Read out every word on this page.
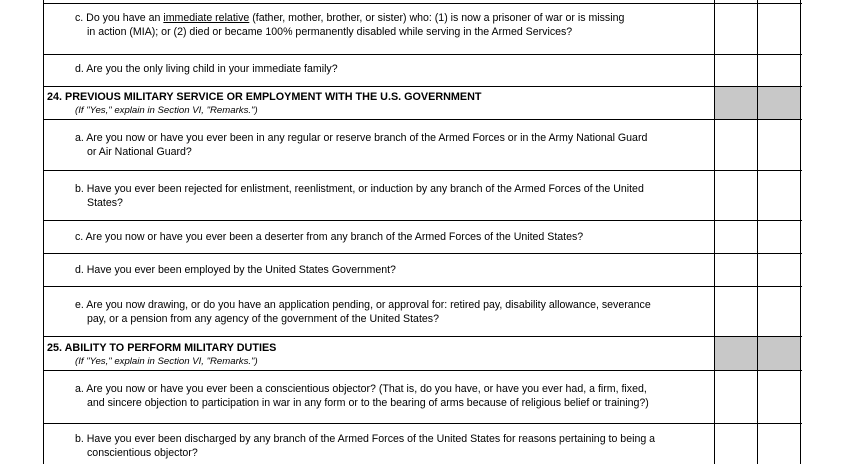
c. Do you have an immediate relative (father, mother, brother, or sister) who: (1) is now a prisoner of war or is missing
in action (MIA); or (2) died or became 100% permanently disabled while serving in the Armed Services?
d. Are you the only living child in your immediate family?
24. PREVIOUS MILITARY SERVICE OR EMPLOYMENT WITH THE U.S. GOVERNMENT
(If "Yes," explain in Section VI, "Remarks.")
a. Are you now or have you ever been in any regular or reserve branch of the Armed Forces or in the Army National Guard
or Air National Guard?
b. Have you ever been rejected for enlistment, reenlistment, or induction by any branch of the Armed Forces of the United
States?
c. Are you now or have you ever been a deserter from any branch of the Armed Forces of the United States?
d. Have you ever been employed by the United States Government?
e. Are you now drawing, or do you have an application pending, or approval for: retired pay, disability allowance, severance
pay, or a pension from any agency of the government of the United States?
25. ABILITY TO PERFORM MILITARY DUTIES
(If "Yes," explain in Section VI, "Remarks.")
a. Are you now or have you ever been a conscientious objector? (That is, do you have, or have you ever had, a firm, fixed,
and sincere objection to participation in war in any form or to the bearing of arms because of religious belief or training?)
b. Have you ever been discharged by any branch of the Armed Forces of the United States for reasons pertaining to being a
conscientious objector?
